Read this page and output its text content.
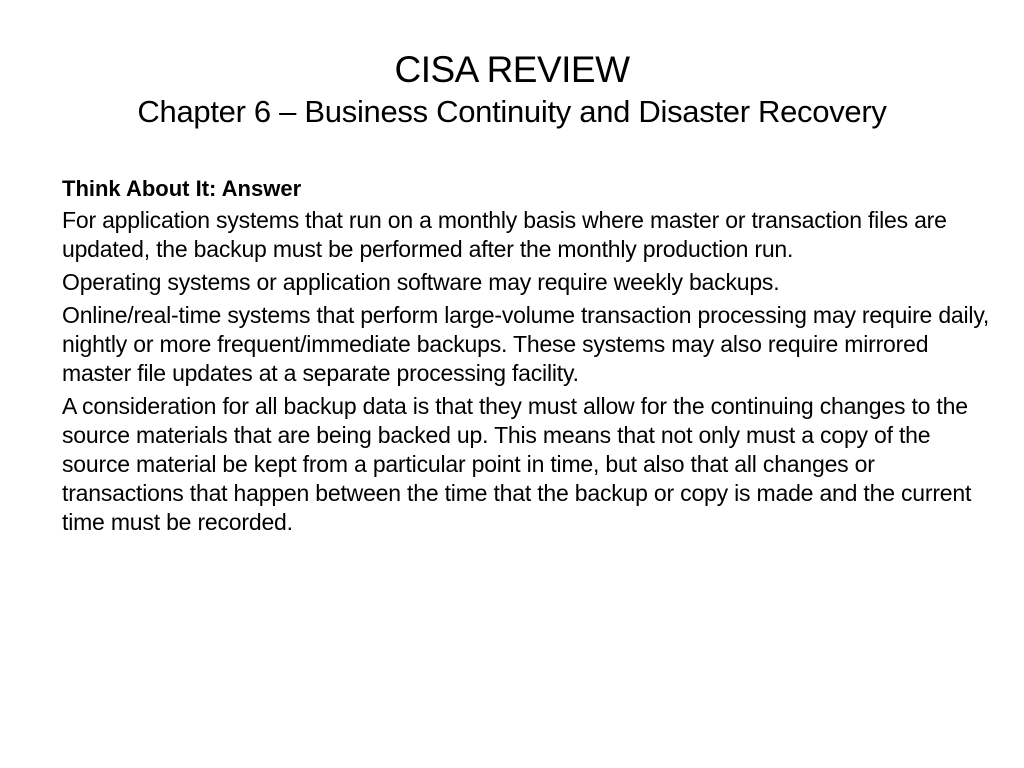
CISA REVIEW
Chapter 6 – Business Continuity and Disaster Recovery

Think About It: Answer

For application systems that run on a monthly basis where master or transaction files are updated, the backup must be performed after the monthly production run.

Operating systems or application software may require weekly backups.

Online/real-time systems that perform large-volume transaction processing may require daily, nightly or more frequent/immediate backups. These systems may also require mirrored master file updates at a separate processing facility.

A consideration for all backup data is that they must allow for the continuing changes to the source materials that are being backed up. This means that not only must a copy of the source material be kept from a particular point in time, but also that all changes or transactions that happen between the time that the backup or copy is made and the current time must be recorded.
